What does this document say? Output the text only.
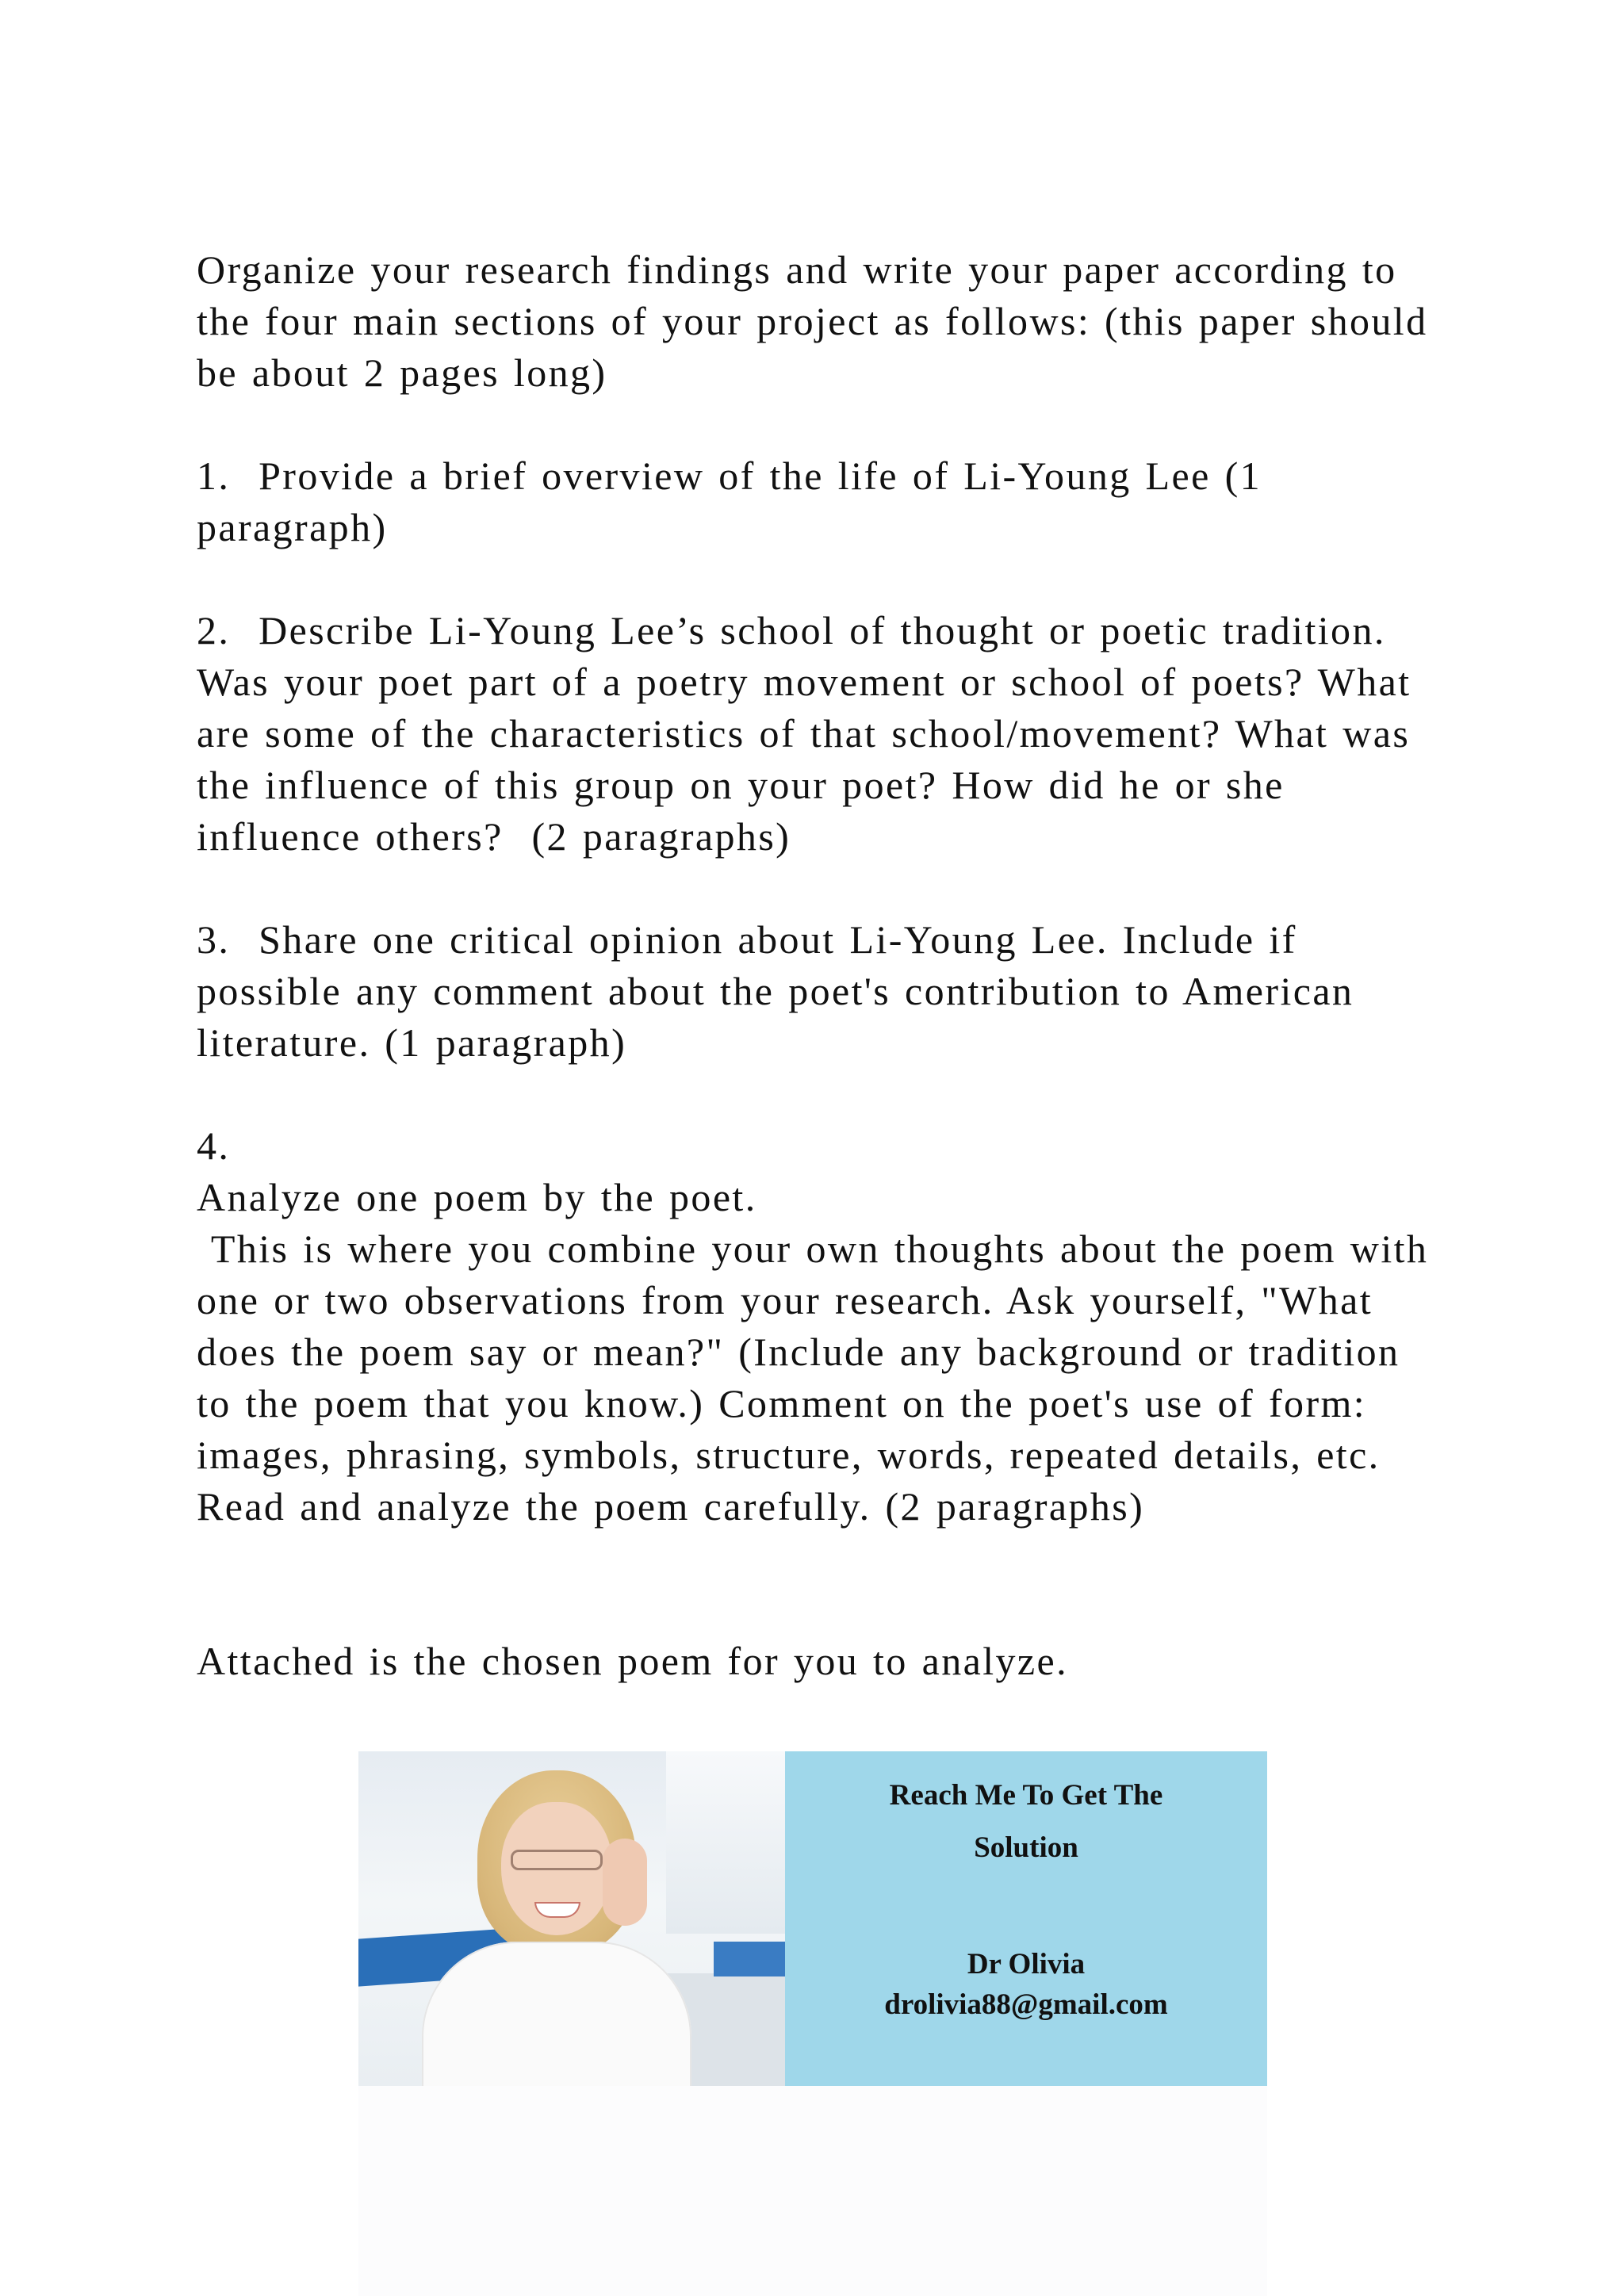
Organize your research findings and write your paper according to the four main sections of your project as follows: (this paper should be about 2 pages long)

1.  Provide a brief overview of the life of Li-Young Lee (1 paragraph)

2.  Describe Li-Young Lee’s school of thought or poetic tradition. Was your poet part of a poetry movement or school of poets? What are some of the characteristics of that school/movement? What was the influence of this group on your poet? How did he or she influence others?  (2 paragraphs)

3.  Share one critical opinion about Li-Young Lee. Include if possible any comment about the poet's contribution to American literature. (1 paragraph)

4.

Analyze one poem by the poet.

This is where you combine your own thoughts about the poem with one or two observations from your research. Ask yourself, "What does the poem say or mean?" (Include any background or tradition to the poem that you know.) Comment on the poet's use of form: images, phrasing, symbols, structure, words, repeated details, etc. Read and analyze the poem carefully. (2 paragraphs)

Attached is the chosen poem for you to analyze.

Reach Me To Get The
Solution
Dr Olivia
drolivia88@gmail.com
